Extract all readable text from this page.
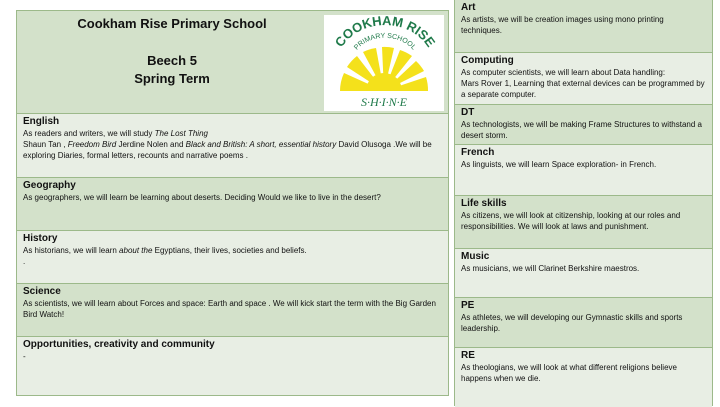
Cookham Rise Primary School
Beech 5
Spring Term
COOKHAM RISE
PRIMARY SCHOOL
S·H·I·N·E
English
As readers and writers, we will study The Lost Thing
Shaun Tan , Freedom Bird Jerdine Nolen and Black and British: A short, essential history David Olusoga .We will be exploring Diaries, formal letters, recounts and narrative poems .
Geography
As geographers, we will learn be learning about deserts. Deciding Would we like to live in the desert?
History
As historians, we will learn about the Egyptians, their lives, societies and beliefs.
.
Science
As scientists, we will learn about Forces and space: Earth and space . We will kick start the term with the Big Garden Bird Watch!
Opportunities, creativity and community
-
Art
As artists, we will be creation images using mono printing techniques.
Computing
As computer scientists, we will learn about Data handling:
Mars Rover 1, Learning that external devices can be programmed by a separate computer.
DT
As technologists, we will be making Frame Structures to withstand a desert storm.
French
As linguists, we will learn Space exploration- in French.
Life skills
As citizens, we will look at citizenship, looking at our roles and responsibilities. We will look at laws and punishment.
Music
As musicians, we will Clarinet Berkshire maestros.
PE
As athletes, we will developing our Gymnastic skills and sports leadership.
RE
As theologians, we will look at what different religions believe happens when we die.
